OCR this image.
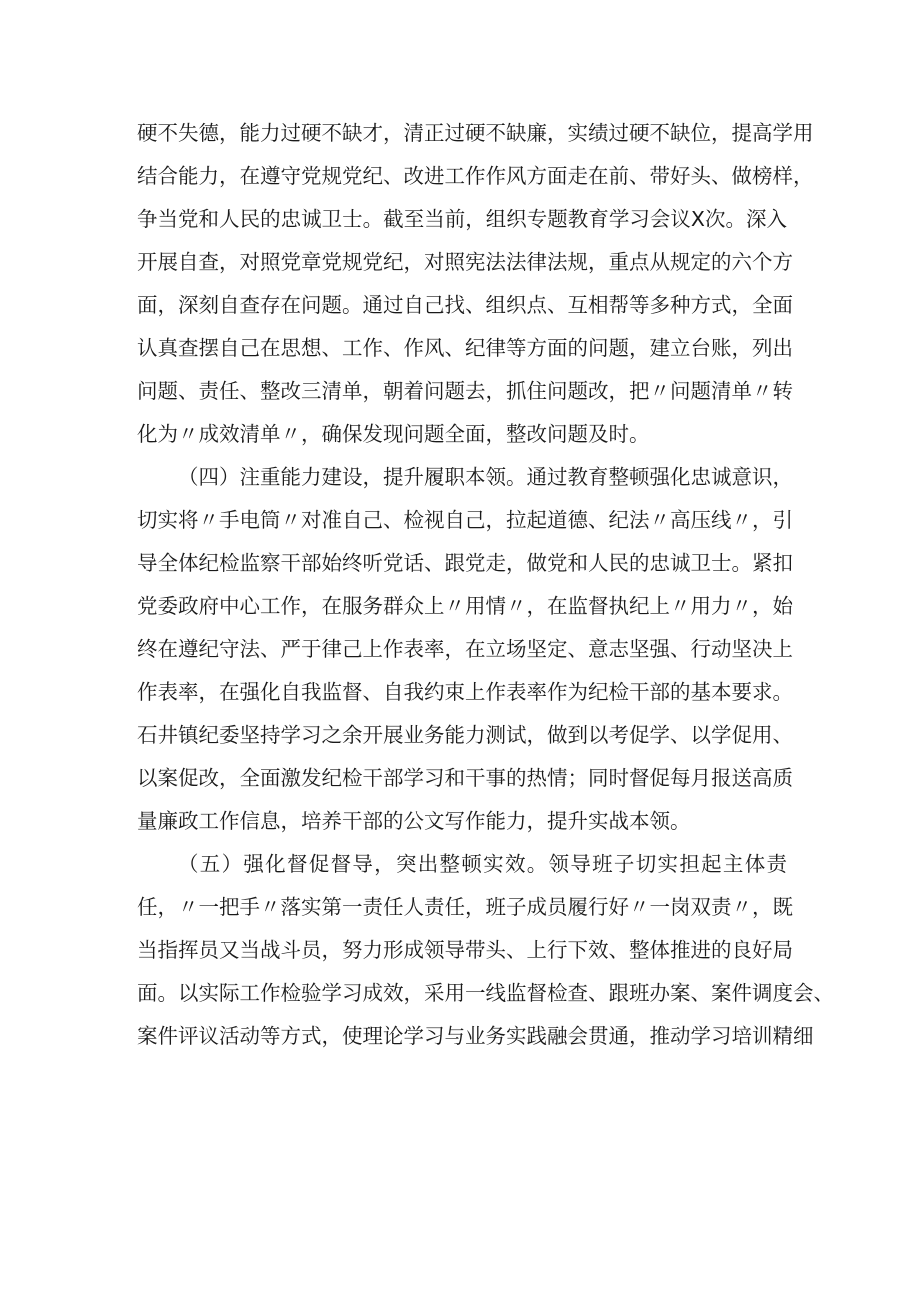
硬不失德，能力过硬不缺才，清正过硬不缺廉，实绩过硬不缺位，提高学用
结合能力，在遵守党规党纪、改进工作作风方面走在前、带好头、做榜样，
争当党和人民的忠诚卫士。截至当前，组织专题教育学习会议Ⅹ次。深入
开展自查，对照党章党规党纪，对照宪法法律法规，重点从规定的六个方
面，深刻自查存在问题。通过自己找、组织点、互相帮等多种方式，全面
认真查摆自己在思想、工作、作风、纪律等方面的问题，建立台账，列出
问题、责任、整改三清单，朝着问题去，抓住问题改，把〃问题清单〃转
化为〃成效清单〃，确保发现问题全面，整改问题及时。
（四）注重能力建设，提升履职本领。通过教育整顿强化忠诚意识，
切实将〃手电筒〃对准自己、检视自己，拉起道德、纪法〃高压线〃，引
导全体纪检监察干部始终听党话、跟党走，做党和人民的忠诚卫士。紧扣
党委政府中心工作，在服务群众上〃用情〃，在监督执纪上〃用力〃，始
终在遵纪守法、严于律己上作表率，在立场坚定、意志坚强、行动坚决上
作表率，在强化自我监督、自我约束上作表率作为纪检干部的基本要求。
石井镇纪委坚持学习之余开展业务能力测试，做到以考促学、以学促用、
以案促改，全面激发纪检干部学习和干事的热情；同时督促每月报送高质
量廉政工作信息，培养干部的公文写作能力，提升实战本领。
（五）强化督促督导，突出整顿实效。领导班子切实担起主体责
任，〃一把手〃落实第一责任人责任，班子成员履行好〃一岗双责〃，既
当指挥员又当战斗员，努力形成领导带头、上行下效、整体推进的良好局
面。以实际工作检验学习成效，采用一线监督检查、跟班办案、案件调度会、
案件评议活动等方式，使理论学习与业务实践融会贯通，推动学习培训精细
